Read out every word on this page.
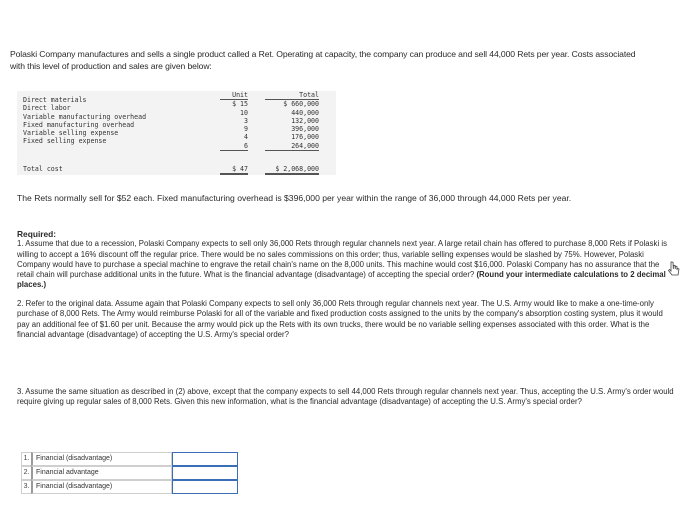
Polaski Company manufactures and sells a single product called a Ret. Operating at capacity, the company can produce and sell 44,000 Rets per year. Costs associated with this level of production and sales are given below:
Direct materials
Direct labor
Variable manufacturing overhead
Fixed manufacturing overhead
Variable selling expense
Fixed selling expense
Unit
$ 15
10
3
9
4
6
Total
$ 660,000
440,000
132,000
396,000
176,000
264,000
Total cost	$ 47	$ 2,068,000
The Rets normally sell for $52 each. Fixed manufacturing overhead is $396,000 per year within the range of 36,000 through 44,000 Rets per year.
Required:

1. Assume that due to a recession, Polaski Company expects to sell only 36,000 Rets through regular channels next year. A large retail chain has offered to purchase 8,000 Rets if Polaski is willing to accept a 16% discount off the regular price. There would be no sales commissions on this order; thus, variable selling expenses would be slashed by 75%. However, Polaski Company would have to purchase a special machine to engrave the retail chain's name on the 8,000 units. This machine would cost $16,000. Polaski Company has no assurance that the retail chain will purchase additional units in the future. What is the financial advantage (disadvantage) of accepting the special order? (Round your intermediate calculations to 2 decimal places.)

2. Refer to the original data. Assume again that Polaski Company expects to sell only 36,000 Rets through regular channels next year. The U.S. Army would like to make a one-time-only purchase of 8,000 Rets. The Army would reimburse Polaski for all of the variable and fixed production costs assigned to the units by the company's absorption costing system, plus it would pay an additional fee of $1.60 per unit. Because the army would pick up the Rets with its own trucks, there would be no variable selling expenses associated with this order. What is the financial advantage (disadvantage) of accepting the U.S. Army's special order?

3. Assume the same situation as described in (2) above, except that the company expects to sell 44,000 Rets through regular channels next year. Thus, accepting the U.S. Army's order would require giving up regular sales of 8,000 Rets. Given this new information, what is the financial advantage (disadvantage) of accepting the U.S. Army's special order?

1. Financial (disadvantage)
2. Financial advantage
3. Financial (disadvantage)
